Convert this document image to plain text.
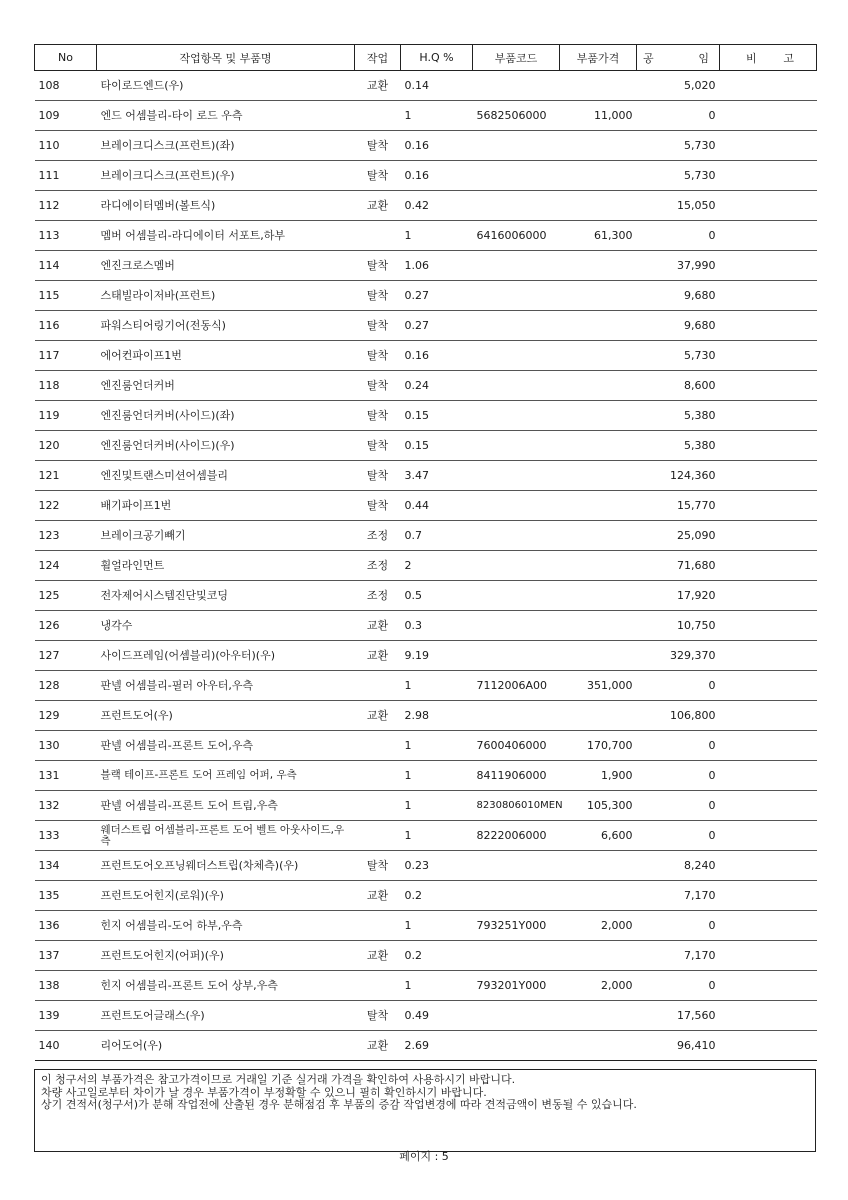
No	작업항목 및 부품명	작업	H.Q %	부품코드	부품가격	공 임	비 고

108	타이로드엔드(우)	교환	0.14			5,020	
109	엔드 어셈블리-타이 로드 우측		1	5682506000	11,000	0	
110	브레이크디스크(프런트)(좌)	탈착	0.16			5,730	
111	브레이크디스크(프런트)(우)	탈착	0.16			5,730	
112	라디에이터멤버(볼트식)	교환	0.42			15,050	
113	멤버 어셈블리-라디에이터 서포트,하부		1	6416006000	61,300	0	
114	엔진크로스멤버	탈착	1.06			37,990	
115	스태빌라이저바(프런트)	탈착	0.27			9,680	
116	파워스티어링기어(전동식)	탈착	0.27			9,680	
117	에어컨파이프1번	탈착	0.16			5,730	
118	엔진룸언더커버	탈착	0.24			8,600	
119	엔진룸언더커버(사이드)(좌)	탈착	0.15			5,380	
120	엔진룸언더커버(사이드)(우)	탈착	0.15			5,380	
121	엔진및트랜스미션어셈블리	탈착	3.47			124,360	
122	배기파이프1번	탈착	0.44			15,770	
123	브레이크공기빼기	조정	0.7			25,090	
124	휠얼라인먼트	조정	2			71,680	
125	전자제어시스템진단및코딩	조정	0.5			17,920	
126	냉각수	교환	0.3			10,750	
127	사이드프레임(어셈블리)(아우터)(우)	교환	9.19			329,370	
128	판넬 어셈블리-필러 아우터,우측		1	7112006A00	351,000	0	
129	프런트도어(우)	교환	2.98			106,800	
130	판넬 어셈블리-프론트 도어,우측		1	7600406000	170,700	0	
131	블랙 테이프-프론트 도어 프레임 어퍼, 우측		1	8411906000	1,900	0	
132	판넬 어셈블리-프론트 도어 트림,우측		1	8230806010MEN	105,300	0	
133	웨더스트립 어셈블리-프론트 도어 벨트 아웃사이드,우측		1	8222006000	6,600	0	
134	프런트도어오프닝웨더스트립(차체측)(우)	탈착	0.23			8,240	
135	프런트도어힌지(로워)(우)	교환	0.2			7,170	
136	힌지 어셈블리-도어 하부,우측		1	793251Y000	2,000	0	
137	프런트도어힌지(어퍼)(우)	교환	0.2			7,170	
138	힌지 어셈블리-프론트 도어 상부,우측		1	793201Y000	2,000	0	
139	프런트도어글래스(우)	탈착	0.49			17,560	
140	리어도어(우)	교환	2.69			96,410	

이 청구서의 부품가격은 참고가격이므로 거래일 기준 실거래 가격을 확인하여 사용하시기 바랍니다.

차량 사고일로부터 차이가 날 경우 부품가격이 부정확할 수 있으니 필히 확인하시기 바랍니다.

상기 견적서(청구서)가 분해 작업전에 산출된 경우 분해점검 후 부품의 증감 작업변경에 따라 견적금액이 변동될 수 있습니다.

페이지 : 5
